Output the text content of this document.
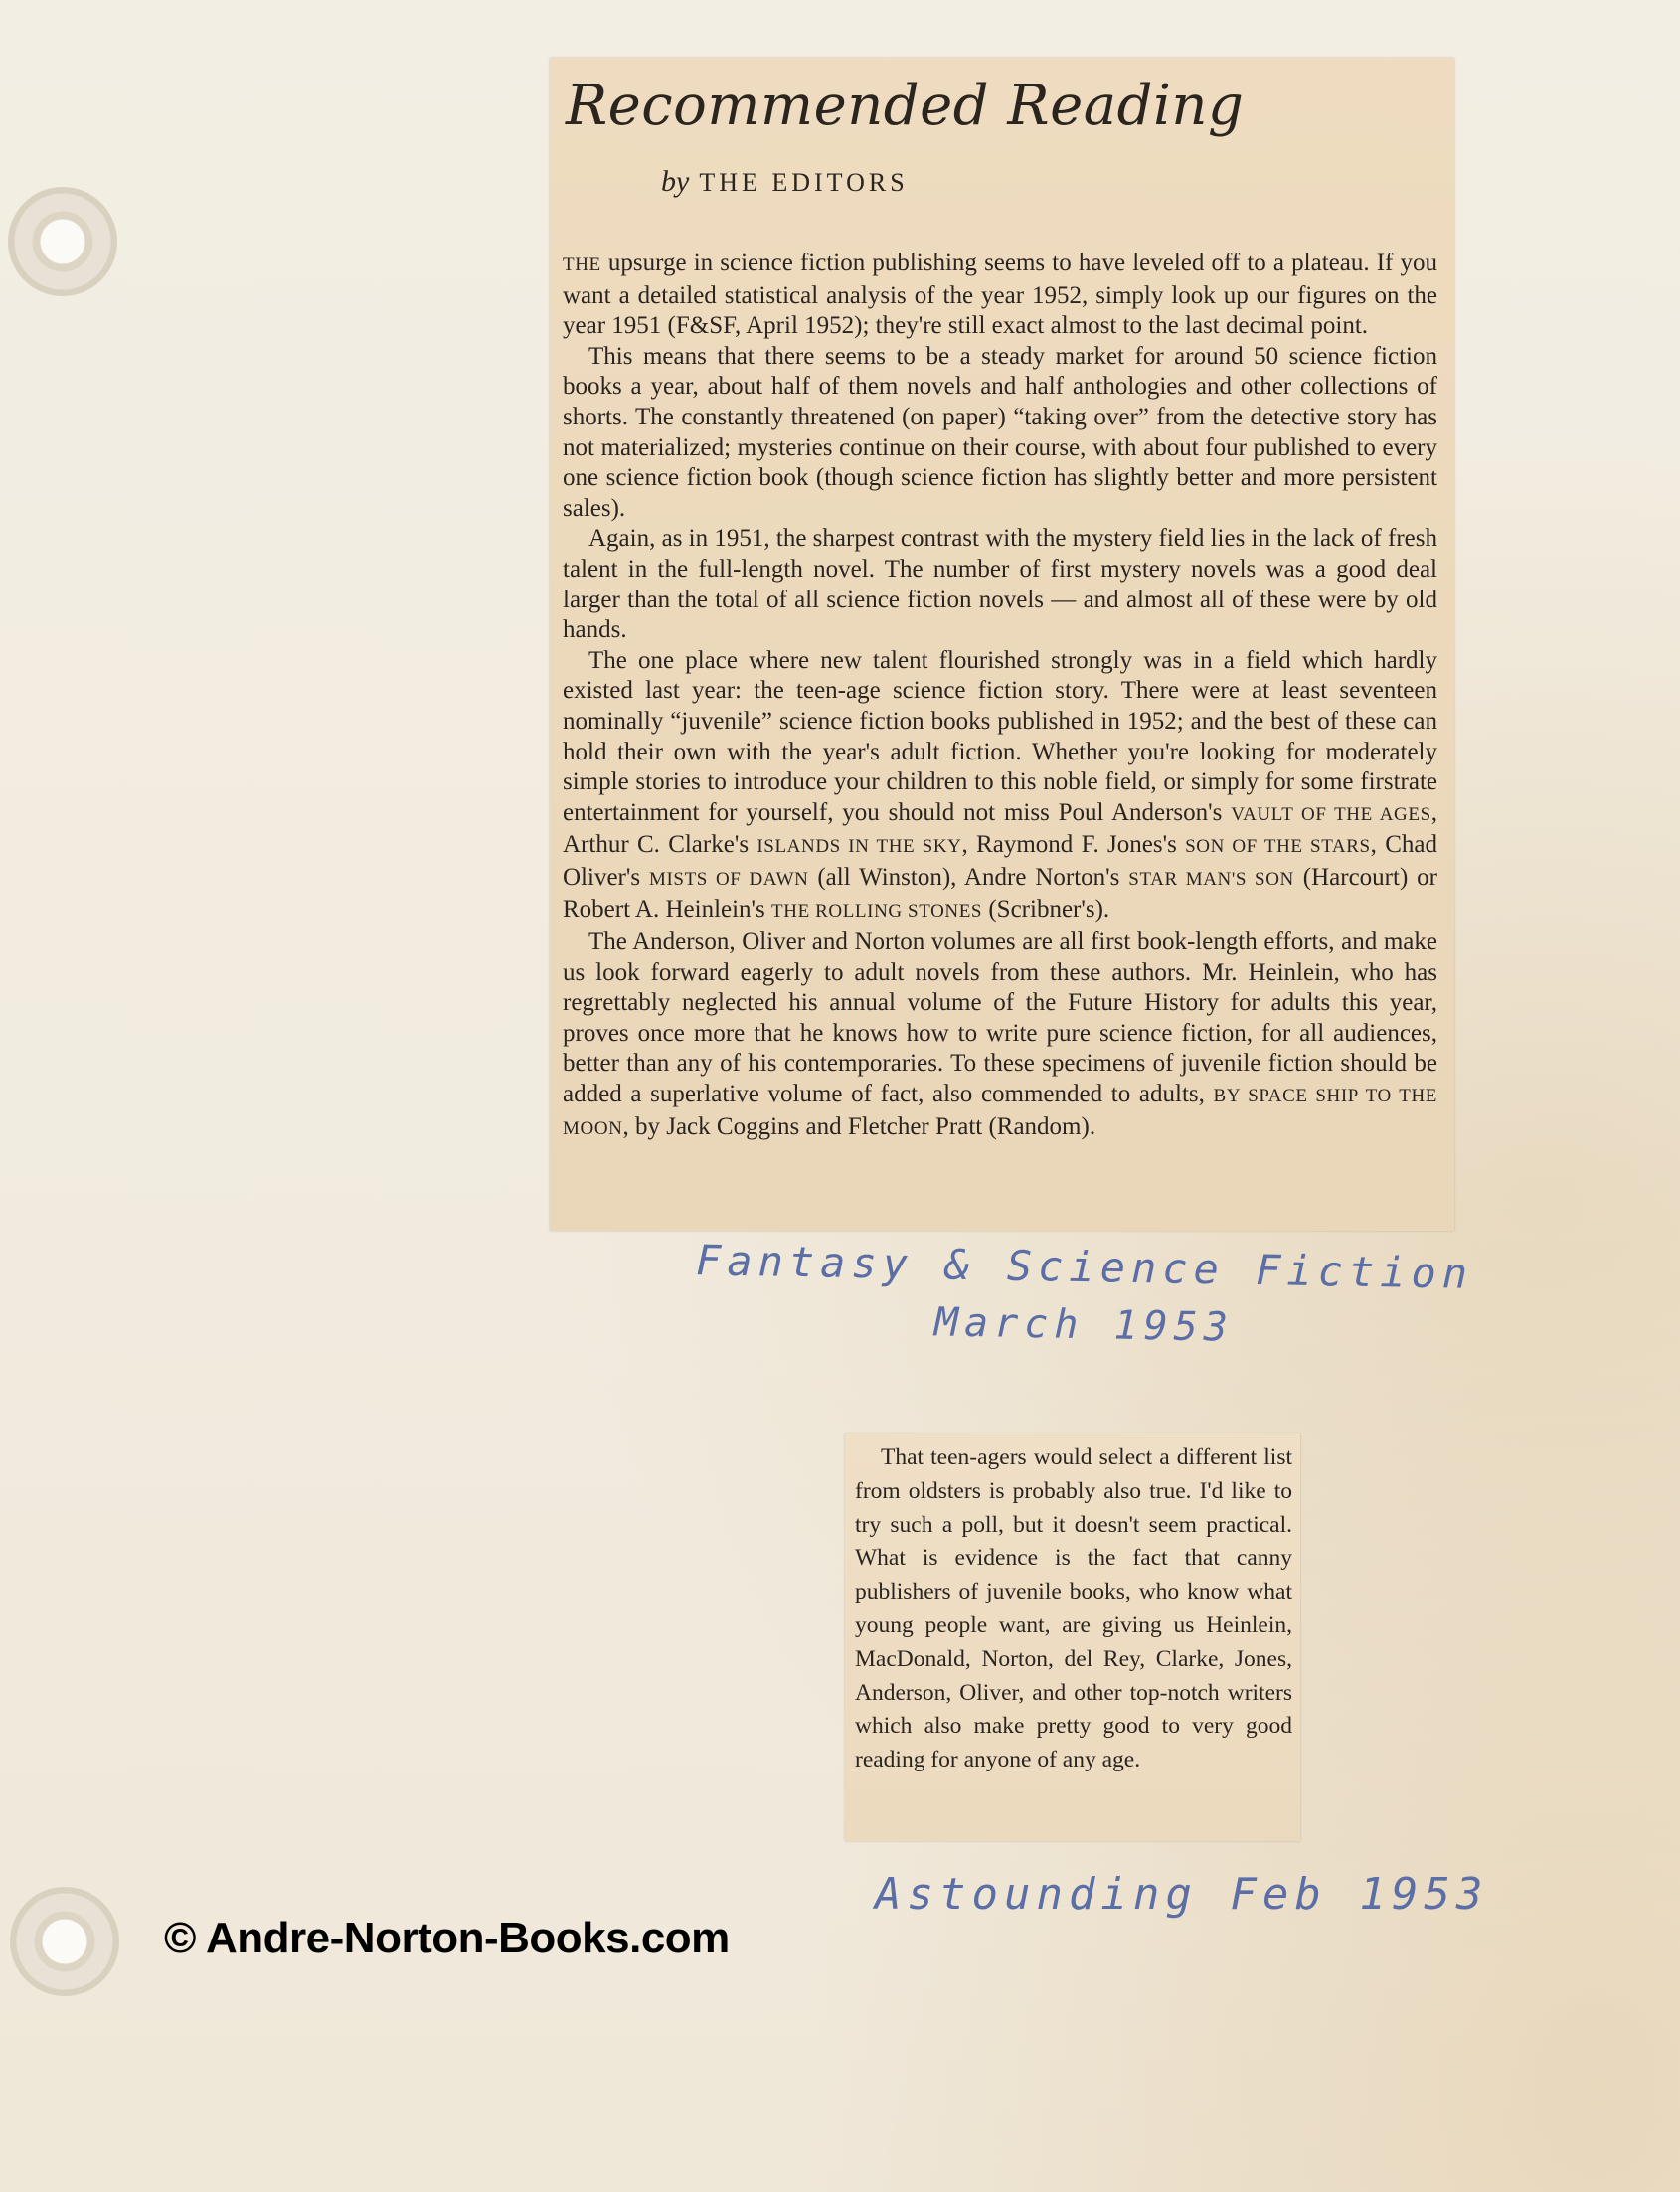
Recommended Reading
by THE EDITORS

THE upsurge in science fiction publishing seems to have leveled off to a plateau. If you want a detailed statistical analysis of the year 1952, simply look up our figures on the year 1951 (F&SF, April 1952); they're still exact almost to the last decimal point.

This means that there seems to be a steady market for around 50 science fiction books a year, about half of them novels and half anthologies and other collections of shorts. The constantly threatened (on paper) “taking over” from the detective story has not materialized; mysteries continue on their course, with about four published to every one science fiction book (though science fiction has slightly better and more persistent sales).

Again, as in 1951, the sharpest contrast with the mystery field lies in the lack of fresh talent in the full-length novel. The number of first mystery novels was a good deal larger than the total of all science fiction novels — and almost all of these were by old hands.

The one place where new talent flourished strongly was in a field which hardly existed last year: the teen-age science fiction story. There were at least seventeen nominally “juvenile” science fiction books published in 1952; and the best of these can hold their own with the year's adult fiction. Whether you're looking for moderately simple stories to introduce your children to this noble field, or simply for some firstrate entertainment for yourself, you should not miss Poul Anderson's VAULT OF THE AGES, Arthur C. Clarke's ISLANDS IN THE SKY, Raymond F. Jones's SON OF THE STARS, Chad Oliver's MISTS OF DAWN (all Winston), Andre Norton's STAR MAN'S SON (Harcourt) or Robert A. Heinlein's THE ROLLING STONES (Scribner's).

The Anderson, Oliver and Norton volumes are all first book-length efforts, and make us look forward eagerly to adult novels from these authors. Mr. Heinlein, who has regrettably neglected his annual volume of the Future History for adults this year, proves once more that he knows how to write pure science fiction, for all audiences, better than any of his contemporaries. To these specimens of juvenile fiction should be added a superlative volume of fact, also commended to adults, BY SPACE SHIP TO THE MOON, by Jack Coggins and Fletcher Pratt (Random).

Fantasy & Science Fiction
March 1953

That teen-agers would select a different list from oldsters is probably also true. I'd like to try such a poll, but it doesn't seem practical. What is evidence is the fact that canny publishers of juvenile books, who know what young people want, are giving us Heinlein, MacDonald, Norton, del Rey, Clarke, Jones, Anderson, Oliver, and other top-notch writers which also make pretty good to very good reading for anyone of any age.

Astounding Feb 1953
© Andre-Norton-Books.com
